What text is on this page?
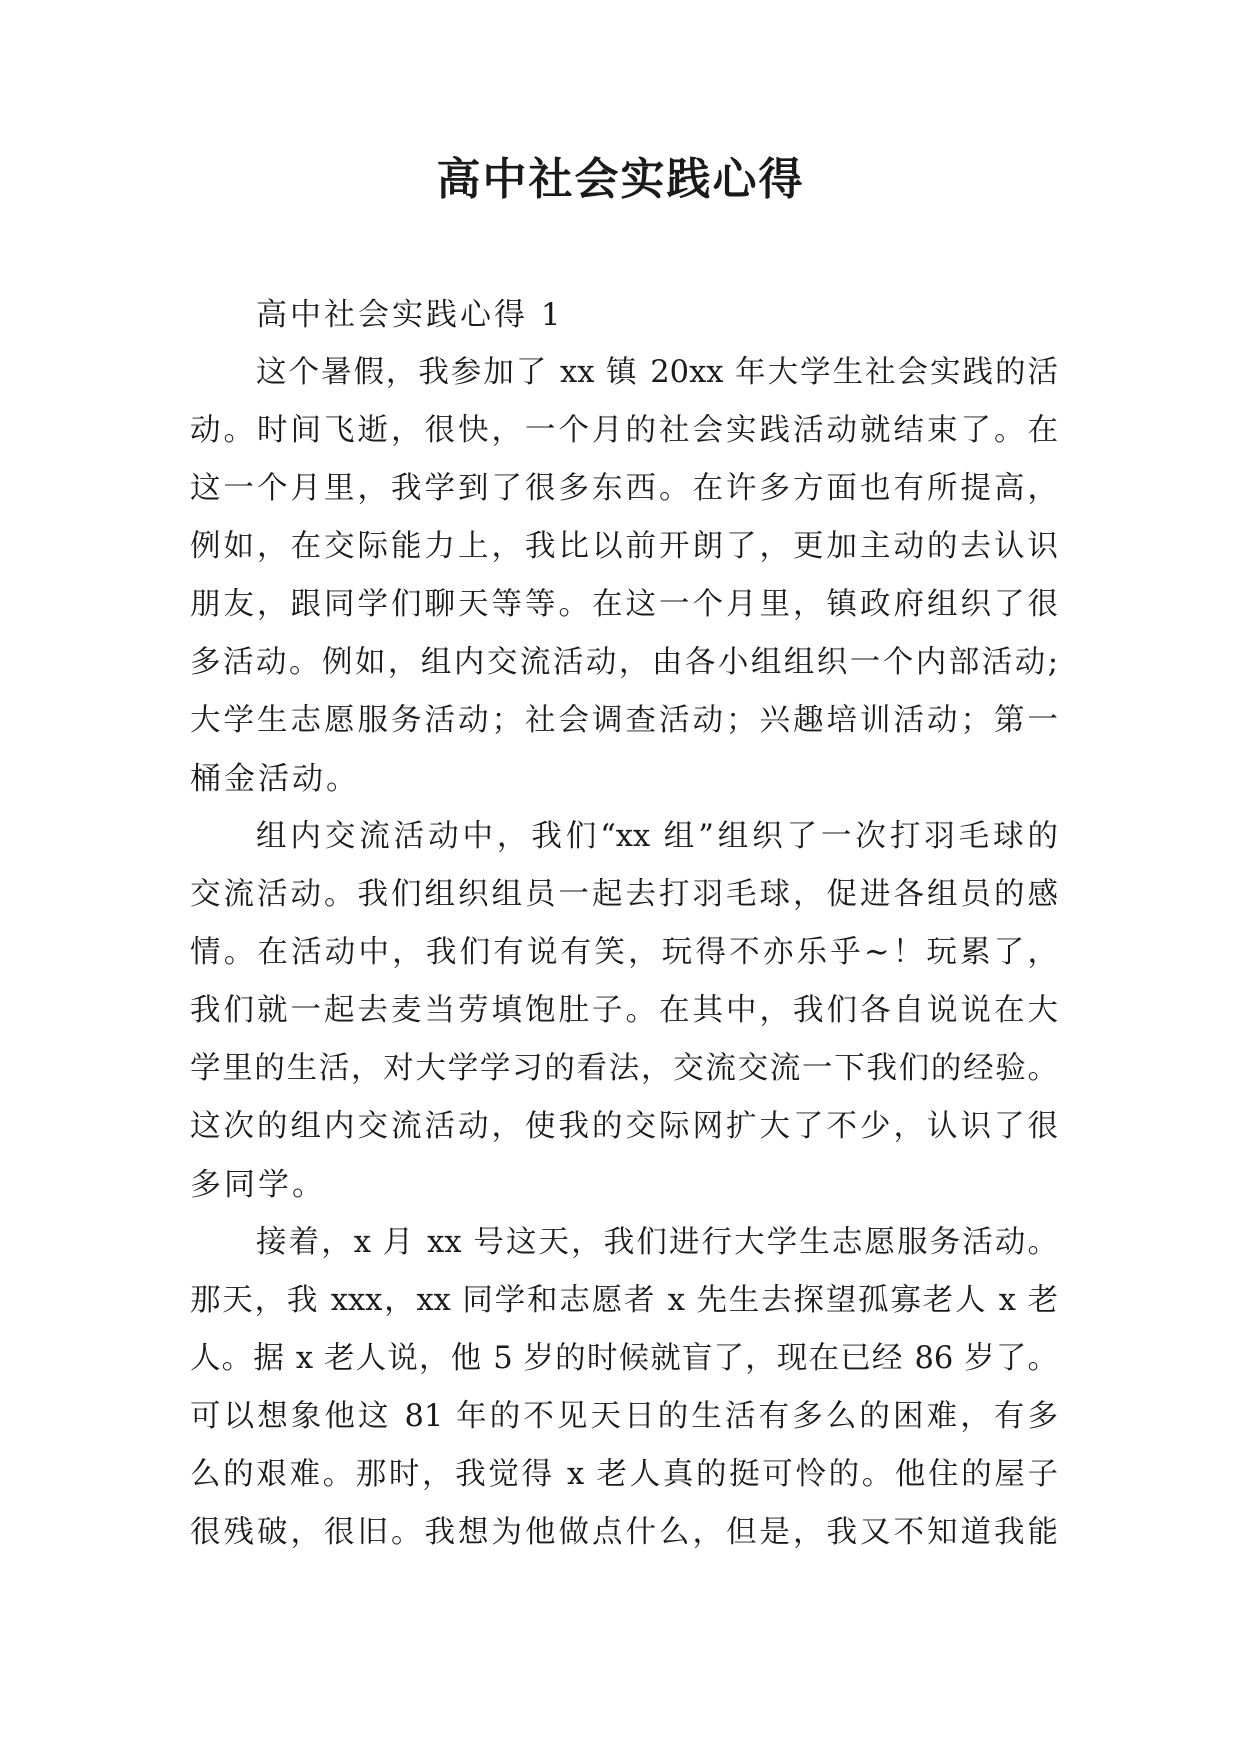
高中社会实践心得
高中社会实践心得 1
这个暑假，我参加了 xx 镇 20xx 年大学生社会实践的活
动。时间飞逝，很快，一个月的社会实践活动就结束了。在
这一个月里，我学到了很多东西。在许多方面也有所提高，
例如，在交际能力上，我比以前开朗了，更加主动的去认识
朋友，跟同学们聊天等等。在这一个月里，镇政府组织了很
多活动。例如，组内交流活动，由各小组组织一个内部活动;
大学生志愿服务活动；社会调查活动；兴趣培训活动；第一
桶金活动。
组内交流活动中，我们“xx 组”组织了一次打羽毛球的
交流活动。我们组织组员一起去打羽毛球，促进各组员的感
情。在活动中，我们有说有笑，玩得不亦乐乎~！玩累了，
我们就一起去麦当劳填饱肚子。在其中，我们各自说说在大
学里的生活，对大学学习的看法，交流交流一下我们的经验。
这次的组内交流活动，使我的交际网扩大了不少，认识了很
多同学。
接着，x 月 xx 号这天，我们进行大学生志愿服务活动。
那天，我 xxx，xx 同学和志愿者 x 先生去探望孤寡老人 x 老
人。据 x 老人说，他 5 岁的时候就盲了，现在已经 86 岁了。
可以想象他这 81 年的不见天日的生活有多么的困难，有多
么的艰难。那时，我觉得 x 老人真的挺可怜的。他住的屋子
很残破，很旧。我想为他做点什么，但是，我又不知道我能
